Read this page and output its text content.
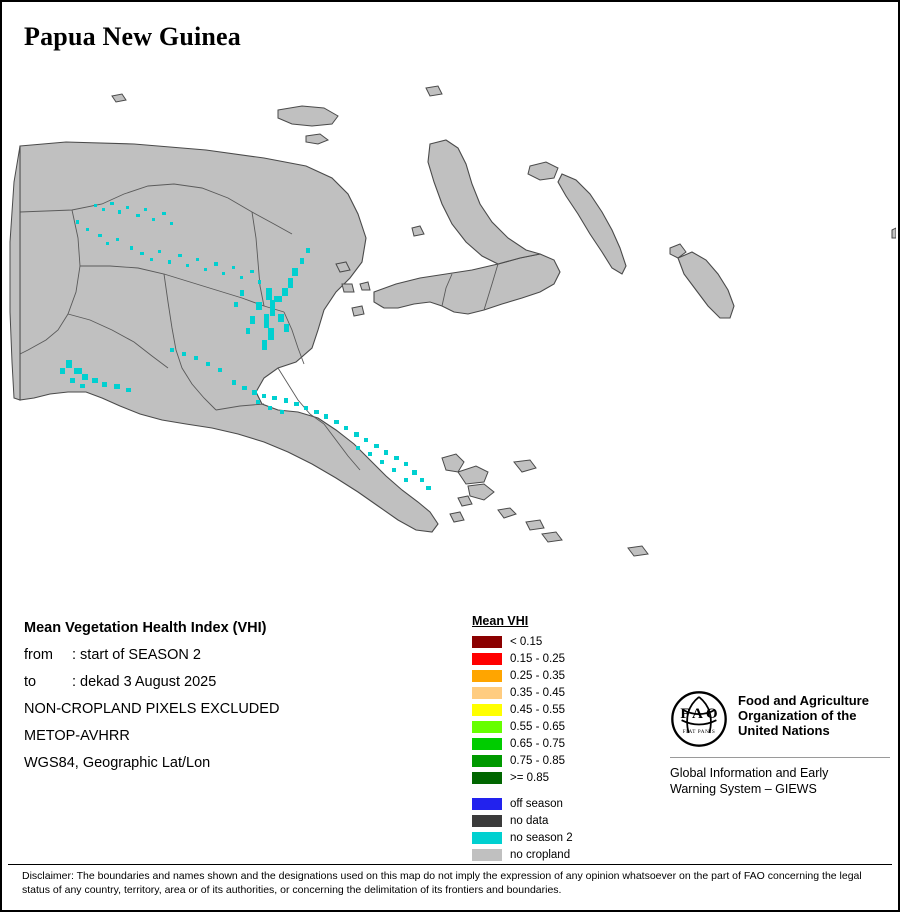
Papua New Guinea
Mean Vegetation Health Index (VHI)
from : start of SEASON 2
to : dekad 3 August 2025
NON-CROPLAND PIXELS EXCLUDED
METOP-AVHRR
WGS84, Geographic Lat/Lon
Mean VHI
< 0.15
0.15 - 0.25
0.25 - 0.35
0.35 - 0.45
0.45 - 0.55
0.55 - 0.65
0.65 - 0.75
0.75 - 0.85
>= 0.85
off season
no data
no season 2
no cropland
F A O
FIAT PANIS
Food and Agriculture
Organization of the
United Nations
Global Information and Early
Warning System – GIEWS
Disclaimer: The boundaries and names shown and the designations used on this map do not imply the expression of any opinion whatsoever on the part of FAO concerning the legal status of any country, territory, area or of its authorities, or concerning the delimitation of its frontiers and boundaries.
